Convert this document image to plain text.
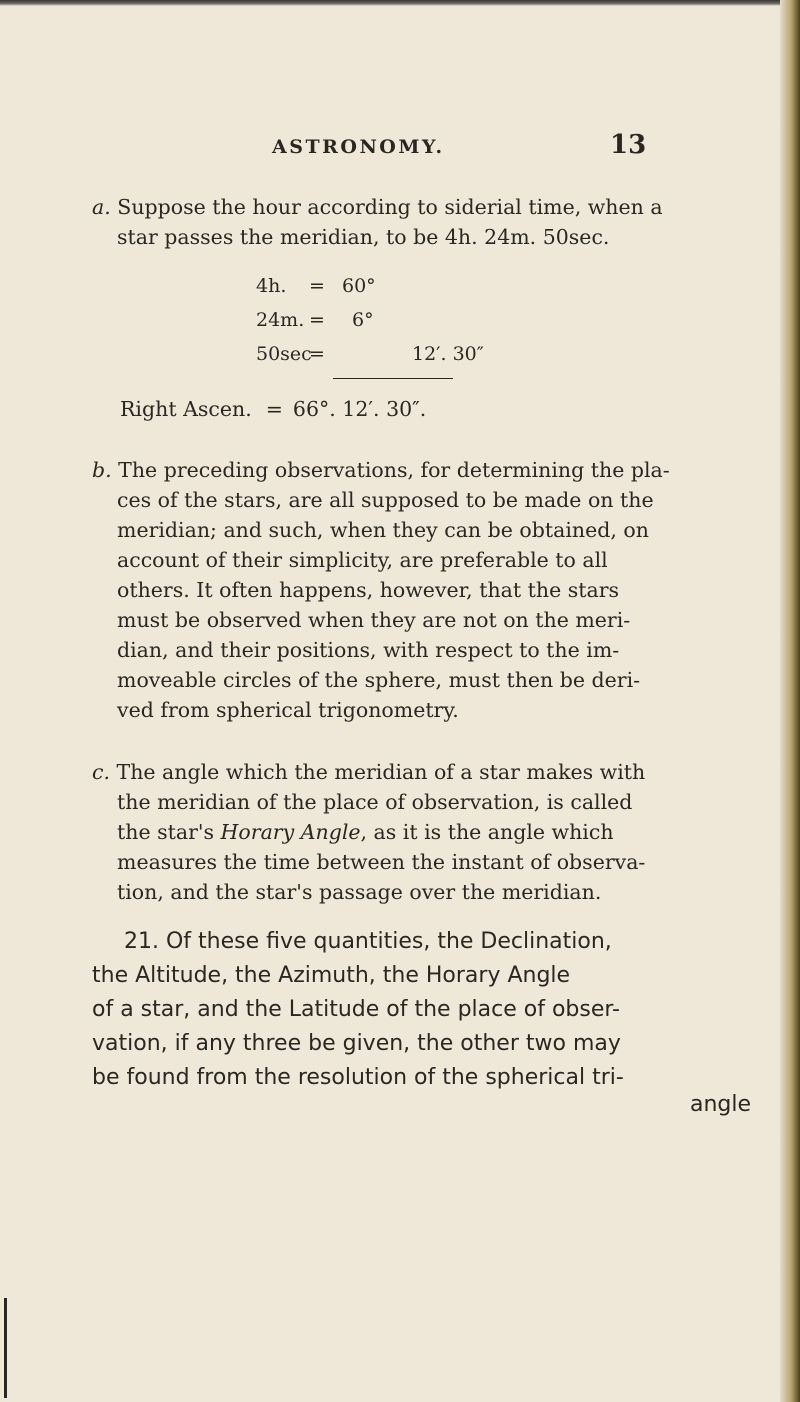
ASTRONOMY.	13
a. Suppose the hour according to siderial time, when a
star passes the meridian, to be 4h. 24m. 50sec.
4h. = 60°
24m. = 6°
50sec
=	12′. 30″
Right Ascen. = 66°. 12′. 30″.
b. The preceding observations, for determining the pla-
ces of the stars, are all supposed to be made on the
meridian; and such, when they can be obtained, on
account of their simplicity, are preferable to all
others. It often happens, however, that the stars
must be observed when they are not on the meri-
dian, and their positions, with respect to the im-
moveable circles of the sphere, must then be deri-
ved from spherical trigonometry.
c. The angle which the meridian of a star makes with
the meridian of the place of observation, is called
the star's Horary Angle, as it is the angle which
measures the time between the instant of observa-
tion, and the star's passage over the meridian.
21. Of these five quantities, the Declination,
the Altitude, the Azimuth, the Horary Angle
of a star, and the Latitude of the place of obser-
vation, if any three be given, the other two may
be found from the resolution of the spherical tri-
angle
